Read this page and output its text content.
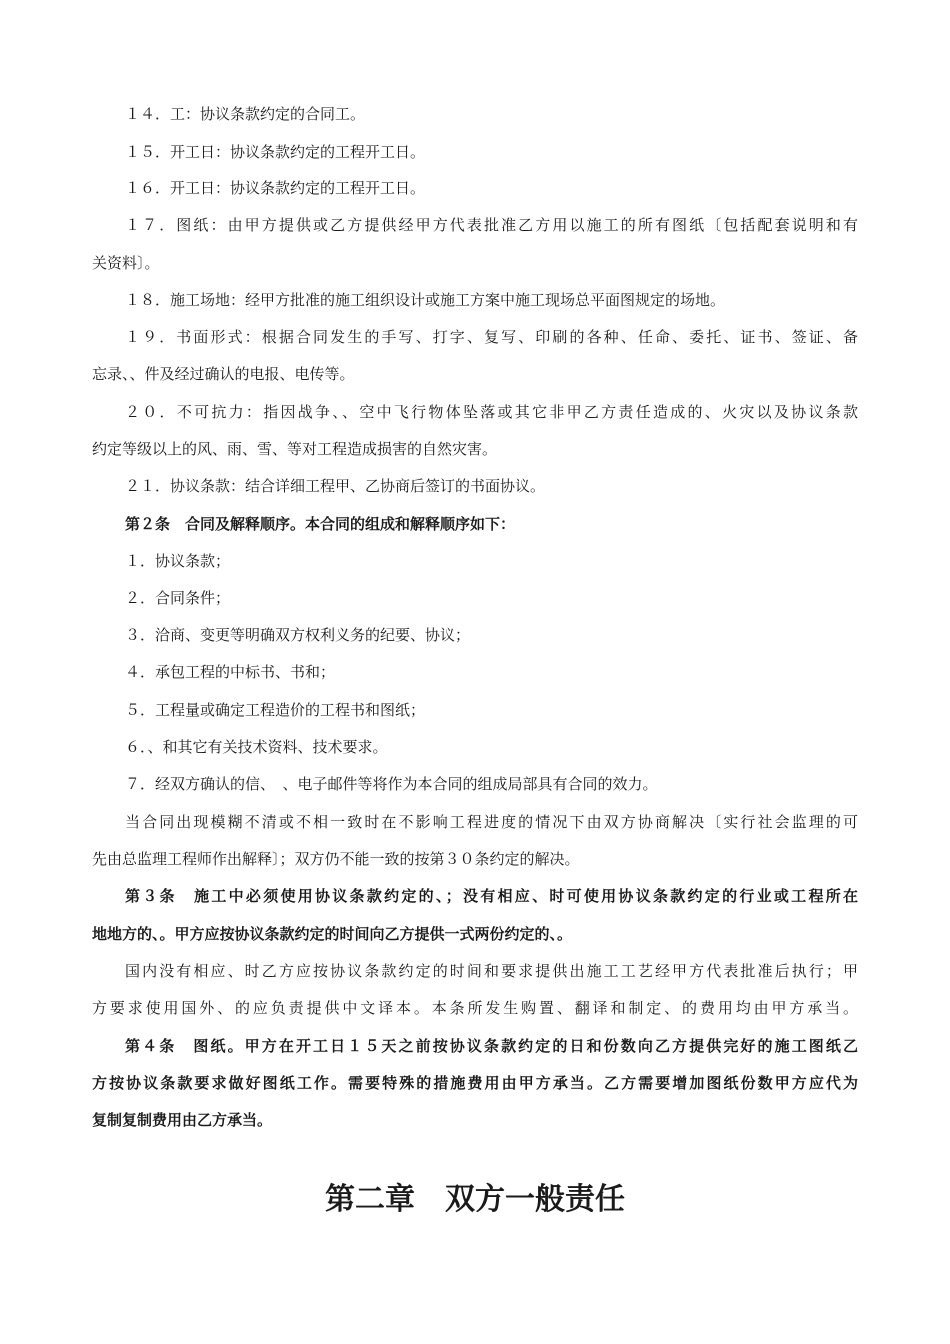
１４．工：协议条款约定的合同工。
１５．开工日：协议条款约定的工程开工日。
１６．开工日：协议条款约定的工程开工日。
１７．图纸：由甲方提供或乙方提供经甲方代表批准乙方用以施工的所有图纸〔包括配套说明和有
关资料〕。
１８．施工场地：经甲方批准的施工组织设计或施工方案中施工现场总平面图规定的场地。
１９．书面形式：根据合同发生的手写、打字、复写、印刷的各种、任命、委托、证书、签证、备
忘录、、件及经过确认的电报、电传等。
２０．不可抗力：指因战争、、空中飞行物体坠落或其它非甲乙方责任造成的、火灾以及协议条款
约定等级以上的风、雨、雪、等对工程造成损害的自然灾害。
２１．协议条款：结合详细工程甲、乙协商后签订的书面协议。
第２条　合同及解释顺序。本合同的组成和解释顺序如下：
１．协议条款；
２．合同条件；
３．洽商、变更等明确双方权利义务的纪要、协议；
４．承包工程的中标书、书和；
５．工程量或确定工程造价的工程书和图纸；
６．、和其它有关技术资料、技术要求。
７．经双方确认的信、　、电子邮件等将作为本合同的组成局部具有合同的效力。
当合同出现模糊不清或不相一致时在不影响工程进度的情况下由双方协商解决〔实行社会监理的可
先由总监理工程师作出解释〕；双方仍不能一致的按第３０条约定的解决。
第３条　施工中必须使用协议条款约定的、；没有相应、时可使用协议条款约定的行业或工程所在
地地方的、。甲方应按协议条款约定的时间向乙方提供一式两份约定的、。
国内没有相应、时乙方应按协议条款约定的时间和要求提供出施工工艺经甲方代表批准后执行；甲
方要求使用国外、的应负责提供中文译本。本条所发生购置、翻译和制定、的费用均由甲方承当。
第４条　图纸。甲方在开工日１５天之前按协议条款约定的日和份数向乙方提供完好的施工图纸乙
方按协议条款要求做好图纸工作。需要特殊的措施费用由甲方承当。乙方需要增加图纸份数甲方应代为
复制复制费用由乙方承当。
第二章　双方一般责任
